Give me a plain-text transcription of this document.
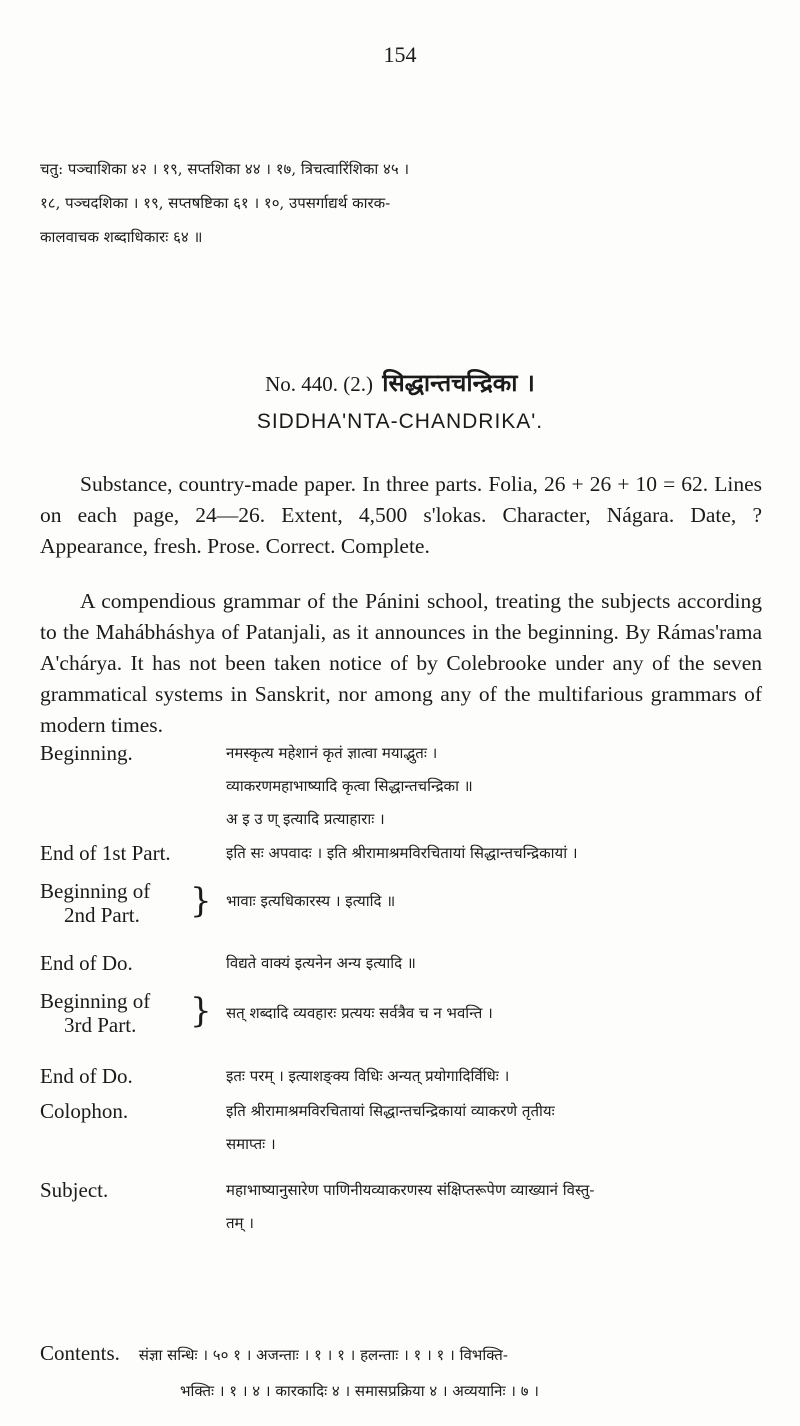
154
चतु: पञ्चाशिका ४२ । १९, सप्तशिका ४४ । १७, त्रिचत्वारिंशिका ४५ ।
१८, पञ्चदशिका । १९, सप्तषष्टिका ६१ । १०, उपसर्गाद्यर्थ कारक-
कालवाचक शब्दाधिकारः ६४ ॥
No. 440. (2.) सिद्धान्तचन्द्रिका ।
SIDDHA'NTA-CHANDRIKA'.
Substance, country-made paper. In three parts. Folia, 26 + 26 + 10 = 62. Lines on each page, 24—26. Extent, 4,500 s'lokas. Character, Nágara. Date, ? Appearance, fresh. Prose. Correct. Complete.
A compendious grammar of the Pánini school, treating the subjects according to the Mahábháshya of Patanjali, as it announces in the beginning. By Rámas'rama A'chárya. It has not been taken notice of by Colebrooke under any of the seven grammatical systems in Sanskrit, nor among any of the multifarious grammars of modern times.
Beginning.	नमस्कृत्य महेशानं कृतं ज्ञात्वा मयाद्भुतः ।
व्याकरणमहाभाष्यादि कृत्वा सिद्धान्तचन्द्रिका ॥
अ इ उ ण् इत्यादि प्रत्याहाराः ।
End of 1st Part.	इति सः अपवादः । इति श्रीरामाश्रमविरचितायां सिद्धान्तचन्द्रिकायां ।
Beginning of
2nd Part.	} भावाः इत्यधिकारस्य । इत्यादि ॥
End of Do.	विद्यते वाक्यं इत्यनेन अन्य इत्यादि ॥
Beginning of
3rd Part.	} सत् शब्दादि व्यवहारः प्रत्ययः सर्वत्रैव च न भवन्ति ।
End of Do.	इतः परम् । इत्याशङ्क्य विधिः अन्यत् प्रयोगादिर्विधिः ।
Colophon.	इति श्रीरामाश्रमविरचितायां सिद्धान्तचन्द्रिकायां व्याकरणे तृतीयः
समाप्तः ।
Subject.	महाभाष्यानुसारेण पाणिनीयव्याकरणस्य संक्षिप्तरूपेण व्याख्यानं विस्तु-
तम् ।
Contents. संज्ञा सन्धिः । ५० १ । अजन्ताः । १ । १ । हलन्ताः । १ । १ । विभक्ति-
भक्तिः । १ । ४ । कारकादिः ४ । समासप्रक्रिया ४ । अव्ययानिः । ७ ।
